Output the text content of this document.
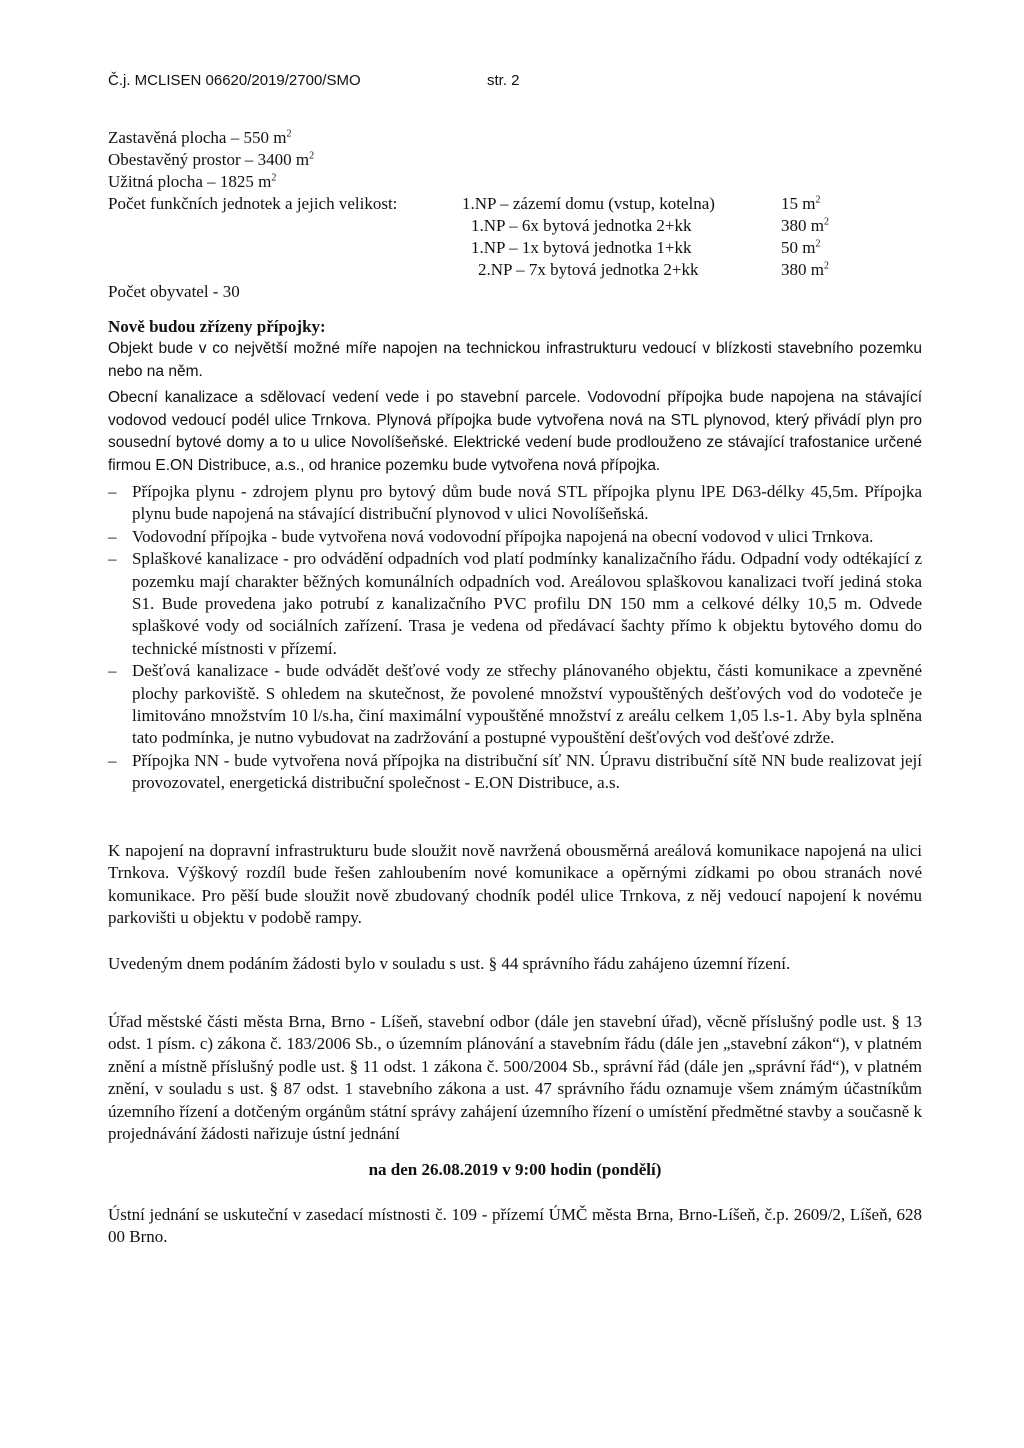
Č.j. MCLISEN 06620/2019/2700/SMO	str. 2
Zastavěná plocha – 550 $m^2$
Obestavěný prostor – 3400 $m^2$
Užitná plocha – 1825 $m^2$
Počet funkčních jednotek a jejich velikost:	1.NP – zázemí domu (vstup, kotelna)	15 $m^2$
1.NP – 6x bytová jednotka 2+kk	380 $m^2$
1.NP – 1x bytová jednotka 1+kk	50 $m^2$
2.NP – 7x bytová jednotka 2+kk	380 $m^2$
Počet obyvatel - 30
Nově budou zřízeny přípojky:

Objekt bude v co největší možné míře napojen na technickou infrastrukturu vedoucí v blízkosti stavebního pozemku nebo na něm.

Obecní kanalizace a sdělovací vedení vede i po stavební parcele. Vodovodní přípojka bude napojena na stávající vodovod vedoucí podél ulice Trnkova. Plynová přípojka bude vytvořena nová na STL plynovod, který přivádí plyn pro sousední bytové domy a to u ulice Novolíšeňské. Elektrické vedení bude prodlouženo ze stávající trafostanice určené firmou E.ON Distribuce, a.s., od hranice pozemku bude vytvořena nová přípojka.

– Přípojka plynu - zdrojem plynu pro bytový dům bude nová STL přípojka plynu lPE D63-délky 45,5m. Přípojka plynu bude napojená na stávající distribuční plynovod v ulici Novolíšeňská.
– Vodovodní přípojka - bude vytvořena nová vodovodní přípojka napojená na obecní vodovod v ulici Trnkova.
– Splaškové kanalizace - pro odvádění odpadních vod platí podmínky kanalizačního řádu. Odpadní vody odtékající z pozemku mají charakter běžných komunálních odpadních vod. Areálovou splaškovou kanalizaci tvoří jediná stoka S1. Bude provedena jako potrubí z kanalizačního PVC profilu DN 150 mm a celkové délky 10,5 m. Odvede splaškové vody od sociálních zařízení. Trasa je vedena od předávací šachty přímo k objektu bytového domu do technické místnosti v přízemí.
– Dešťová kanalizace - bude odvádět dešťové vody ze střechy plánovaného objektu, části komunikace a zpevněné plochy parkoviště. S ohledem na skutečnost, že povolené množství vypouštěných dešťových vod do vodoteče je limitováno množstvím 10 l/s.ha, činí maximální vypouštěné množství z areálu celkem 1,05 l.s-1. Aby byla splněna tato podmínka, je nutno vybudovat na zadržování a postupné vypouštění dešťových vod dešťové zdrže.
– Přípojka NN - bude vytvořena nová přípojka na distribuční síť NN. Úpravu distribuční sítě NN bude realizovat její provozovatel, energetická distribuční společnost - E.ON Distribuce, a.s.
K napojení na dopravní infrastrukturu bude sloužit nově navržená obousměrná areálová komunikace napojená na ulici Trnkova. Výškový rozdíl bude řešen zahloubením nové komunikace a opěrnými zídkami po obou stranách nové komunikace. Pro pěší bude sloužit nově zbudovaný chodník podél ulice Trnkova, z něj vedoucí napojení k novému parkovišti u objektu v podobě rampy.
Uvedeným dnem podáním žádosti bylo v souladu s ust. § 44 správního řádu zahájeno územní řízení.
Úřad městské části města Brna, Brno - Líšeň, stavební odbor (dále jen stavební úřad), věcně příslušný podle ust. § 13 odst. 1 písm. c) zákona č. 183/2006 Sb., o územním plánování a stavebním řádu (dále jen „stavební zákon“), v platném znění a místně příslušný podle ust. § 11 odst. 1 zákona č. 500/2004 Sb., správní řád (dále jen „správní řád“), v platném znění, v souladu s ust. § 87 odst. 1 stavebního zákona a ust. 47 správního řádu oznamuje všem známým účastníkům územního řízení a dotčeným orgánům státní správy zahájení územního řízení o umístění předmětné stavby a současně k projednávání žádosti nařizuje ústní jednání
na den 26.08.2019 v 9:00 hodin (pondělí)
Ústní jednání se uskuteční v zasedací místnosti č. 109 - přízemí ÚMČ města Brna, Brno-Líšeň, č.p. 2609/2, Líšeň, 628 00 Brno.
